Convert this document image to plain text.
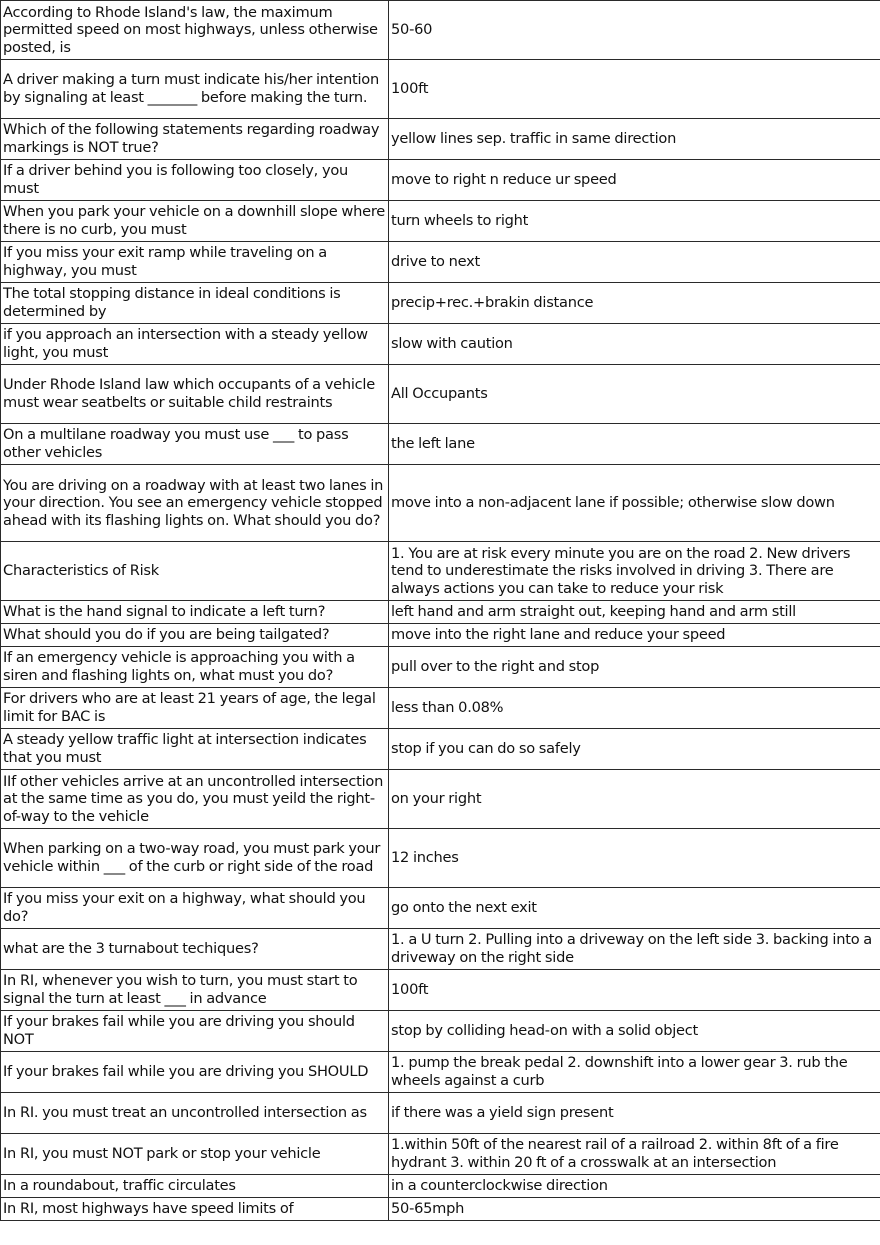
According to Rhode Island's law, the maximum permitted speed on most highways, unless otherwise posted, is	50-60
A driver making a turn must indicate his/her intention by signaling at least _______ before making the turn.	100ft
Which of the following statements regarding roadway markings is NOT true?	yellow lines sep. traffic in same direction
If a driver behind you is following too closely, you must	move to right n reduce ur speed
When you park your vehicle on a downhill slope where there is no curb, you must	turn wheels to right
If you miss your exit ramp while traveling on a highway, you must	drive to next
The total stopping distance in ideal conditions is determined by	precip+rec.+brakin distance
if you approach an intersection with a steady yellow light, you must	slow with caution
Under Rhode Island law which occupants of a vehicle must wear seatbelts or suitable child restraints	All Occupants
On a multilane roadway you must use ___ to pass other vehicles	the left lane
You are driving on a roadway with at least two lanes in your direction. You see an emergency vehicle stopped ahead with its flashing lights on. What should you do?	move into a non-adjacent lane if possible; otherwise slow down
Characteristics of Risk	1. You are at risk every minute you are on the road 2. New drivers tend to underestimate the risks involved in driving 3. There are always actions you can take to reduce your risk
What is the hand signal to indicate a left turn?	left hand and arm straight out, keeping hand and arm still
What should you do if you are being tailgated?	move into the right lane and reduce your speed
If an emergency vehicle is approaching you with a siren and flashing lights on, what must you do?	pull over to the right and stop
For drivers who are at least 21 years of age, the legal limit for BAC is	less than 0.08%
A steady yellow traffic light at intersection indicates that you must	stop if you can do so safely
IIf other vehicles arrive at an uncontrolled intersection at the same time as you do, you must yeild the right-of-way to the vehicle	on your right
When parking on a two-way road, you must park your vehicle within ___ of the curb or right side of the road	12 inches
If you miss your exit on a highway, what should you do?	go onto the next exit
what are the 3 turnabout techiques?	1. a U turn 2. Pulling into a driveway on the left side 3. backing into a driveway on the right side
In RI, whenever you wish to turn, you must start to signal the turn at least ___ in advance	100ft
If your brakes fail while you are driving you should NOT	stop by colliding head-on with a solid object
If your brakes fail while you are driving you SHOULD	1. pump the break pedal 2. downshift into a lower gear 3. rub the wheels against a curb
In RI. you must treat an uncontrolled intersection as	if there was a yield sign present
In RI, you must NOT park or stop your vehicle	1.within 50ft of the nearest rail of a railroad 2. within 8ft of a fire hydrant 3. within 20 ft of a crosswalk at an intersection
In a roundabout, traffic circulates	in a counterclockwise direction
In RI, most highways have speed limits of	50-65mph
